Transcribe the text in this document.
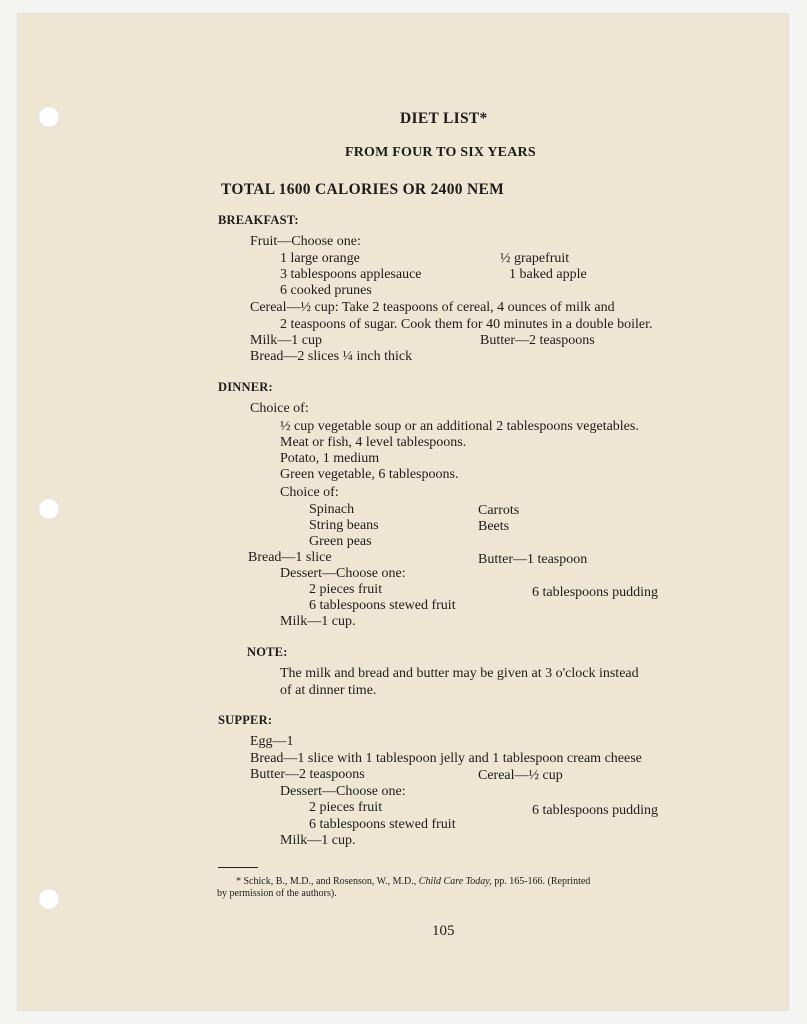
DIET LIST*
FROM FOUR TO SIX YEARS
TOTAL 1600 CALORIES OR 2400 NEM
BREAKFAST:
Fruit—Choose one:
1 large orange	½ grapefruit
3 tablespoons applesauce	1 baked apple
6 cooked prunes
Cereal—½ cup: Take 2 teaspoons of cereal, 4 ounces of milk and
2 teaspoons of sugar. Cook them for 40 minutes in a double boiler.
Milk—1 cup	Butter—2 teaspoons
Bread—2 slices ¼ inch thick
DINNER:
Choice of:
½ cup vegetable soup or an additional 2 tablespoons vegetables.
Meat or fish, 4 level tablespoons.
Potato, 1 medium
Green vegetable, 6 tablespoons.
Choice of:
Spinach	Carrots
String beans	Beets
Green peas
Bread—1 slice	Butter—1 teaspoon
Dessert—Choose one:
2 pieces fruit	6 tablespoons pudding
6 tablespoons stewed fruit
Milk—1 cup.
NOTE:
The milk and bread and butter may be given at 3 o'clock instead
of at dinner time.
SUPPER:
Egg—1
Bread—1 slice with 1 tablespoon jelly and 1 tablespoon cream cheese
Butter—2 teaspoons	Cereal—½ cup
Dessert—Choose one:
2 pieces fruit	6 tablespoons pudding
6 tablespoons stewed fruit
Milk—1 cup.
* Schick, B., M.D., and Rosenson, W., M.D., Child Care Today, pp. 165-166. (Reprinted
by permission of the authors).
105
